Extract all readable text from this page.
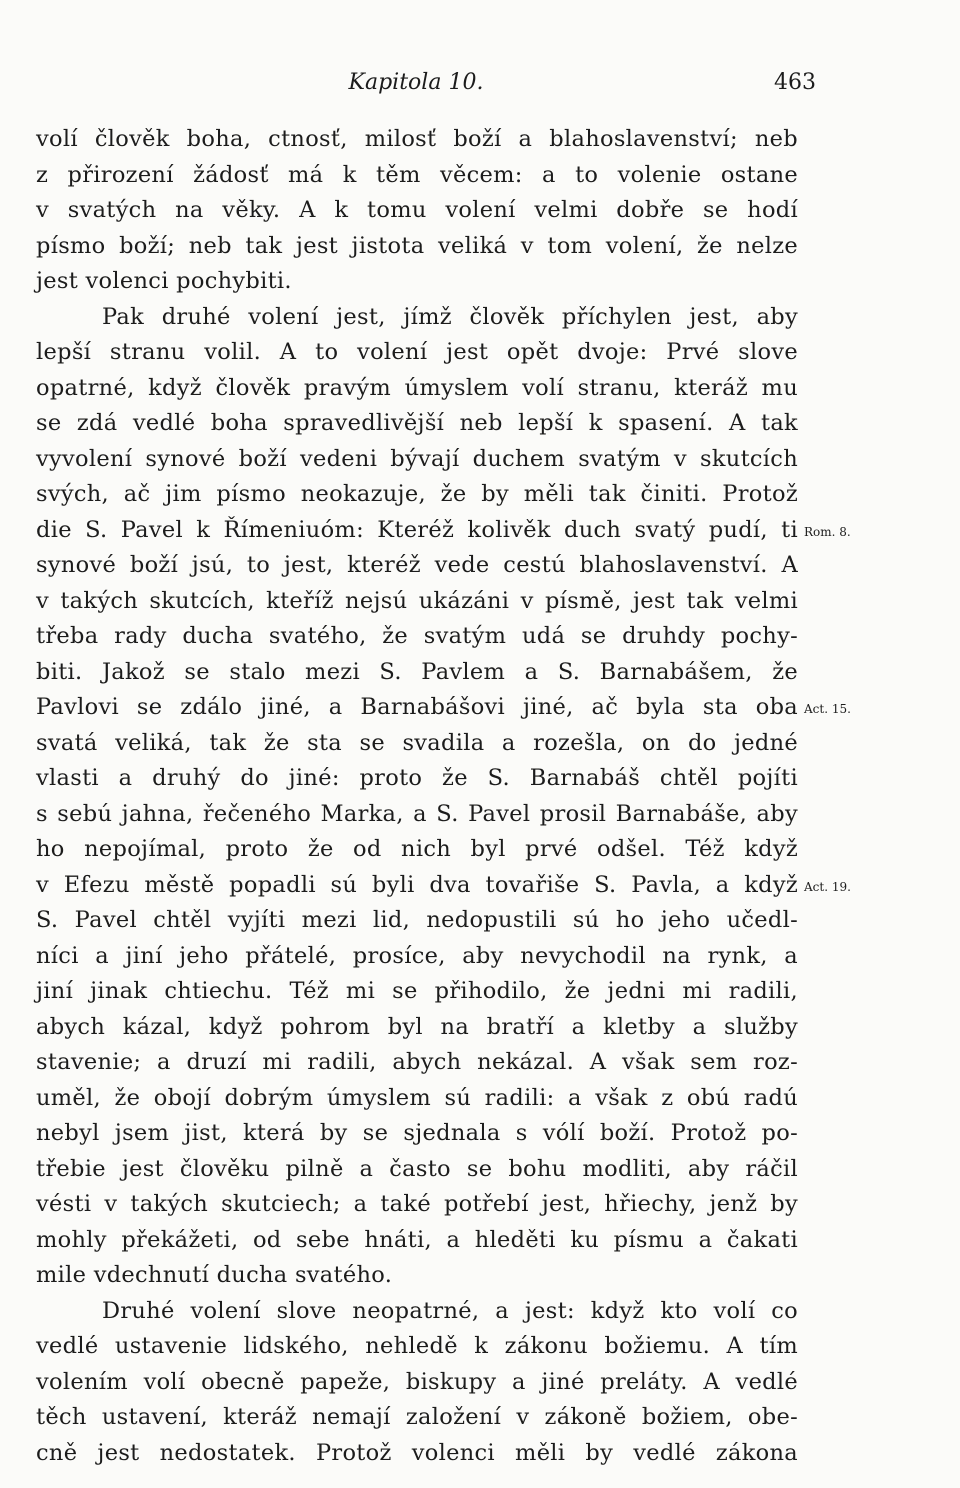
Kapitola 10.	463
volí člověk boha, ctnosť, milosť boží a blahoslavenství; neb
z přirození žádosť má k těm věcem: a to volenie ostane
v svatých na věky. A k tomu volení velmi dobře se hodí
písmo boží; neb tak jest jistota veliká v tom volení, že nelze
jest volenci pochybiti.
Pak druhé volení jest, jímž člověk příchylen jest, aby
lepší stranu volil. A to volení jest opět dvoje: Prvé slove
opatrné, když člověk pravým úmyslem volí stranu, kteráž mu
se zdá vedlé boha spravedlivější neb lepší k spasení. A tak
vyvolení synové boží vedeni bývají duchem svatým v skutcích
svých, ač jim písmo neokazuje, že by měli tak činiti. Protož
die S. Pavel k Římeniuóm: Kteréž kolivěk duch svatý pudí, ti Rom. 8.
synové boží jsú, to jest, kteréž vede cestú blahoslavenství. A
v takých skutcích, kteříž nejsú ukázáni v písmě, jest tak velmi
třeba rady ducha svatého, že svatým udá se druhdy pochy-
biti. Jakož se stalo mezi S. Pavlem a S. Barnabášem, že
Pavlovi se zdálo jiné, a Barnabášovi jiné, ač byla sta oba Act. 15.
svatá veliká, tak že sta se svadila a rozešla, on do jedné
vlasti a druhý do jiné: proto že S. Barnabáš chtěl pojíti
s sebú jahna, řečeného Marka, a S. Pavel prosil Barnabáše, aby
ho nepojímal, proto že od nich byl prvé odšel. Též když
v Efezu městě popadli sú byli dva tovařiše S. Pavla, a když Act. 19.
S. Pavel chtěl vyjíti mezi lid, nedopustili sú ho jeho učedl-
níci a jiní jeho přátelé, prosíce, aby nevychodil na rynk, a
jiní jinak chtiechu. Též mi se přihodilo, že jedni mi radili,
abych kázal, když pohrom byl na bratří a kletby a služby
stavenie; a druzí mi radili, abych nekázal. A však sem roz-
uměl, že obojí dobrým úmyslem sú radili: a však z obú radú
nebyl jsem jist, která by se sjednala s vólí boží. Protož po-
třebie jest člověku pilně a často se bohu modliti, aby ráčil
vésti v takých skutciech; a také potřebí jest, hřiechy, jenž by
mohly překážeti, od sebe hnáti, a hleděti ku písmu a čakati
mile vdechnutí ducha svatého.
Druhé volení slove neopatrné, a jest: když kto volí co
vedlé ustavenie lidského, nehledě k zákonu božiemu. A tím
volením volí obecně papeže, biskupy a jiné preláty. A vedlé
těch ustavení, kteráž nemají založení v zákoně božiem, obe-
cně jest nedostatek. Protož volenci měli by vedlé zákona
